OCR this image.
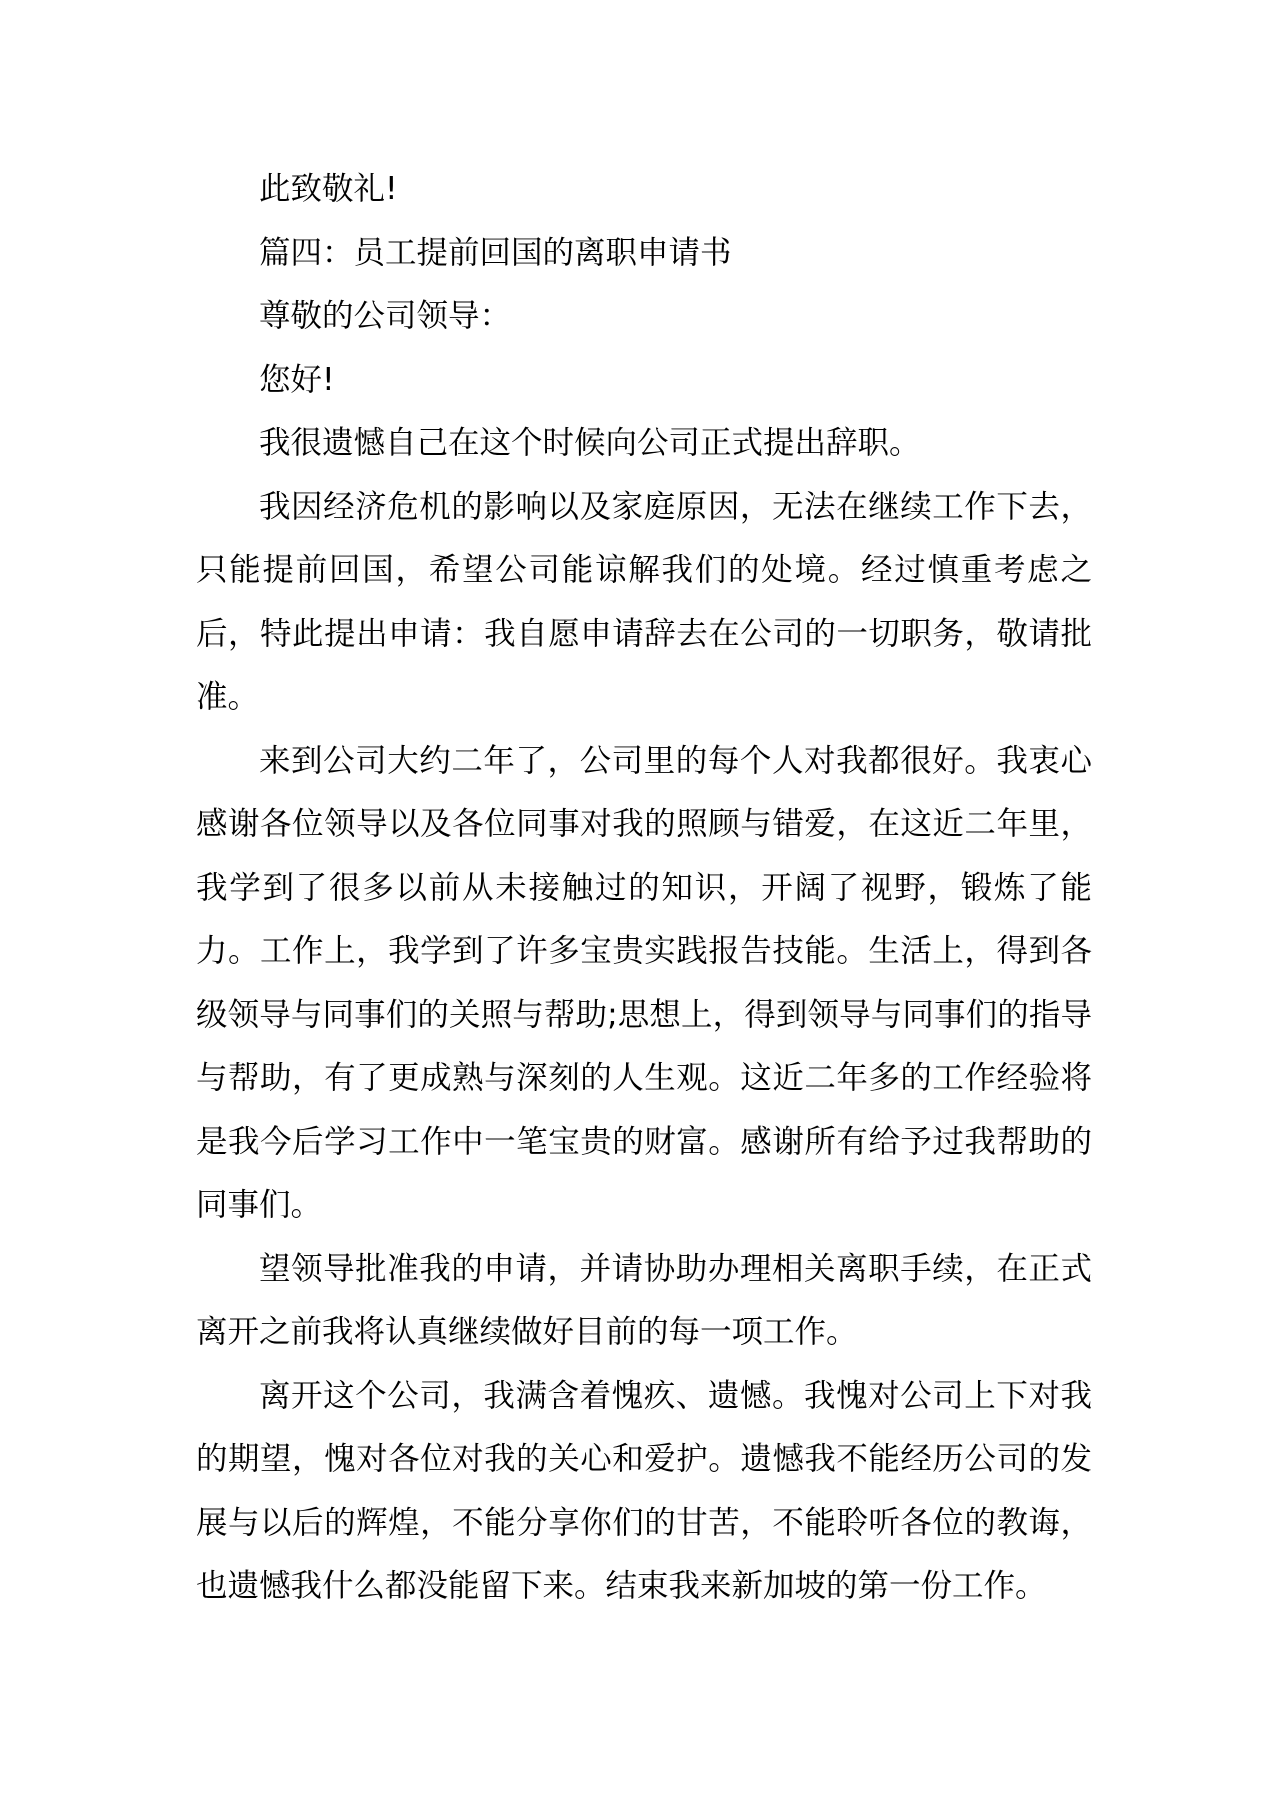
此致敬礼!

篇四：员工提前回国的离职申请书

尊敬的公司领导：

您好!

我很遗憾自己在这个时候向公司正式提出辞职。

我因经济危机的影响以及家庭原因，无法在继续工作下去，只能提前回国，希望公司能谅解我们的处境。经过慎重考虑之后，特此提出申请：我自愿申请辞去在公司的一切职务，敬请批准。

来到公司大约二年了，公司里的每个人对我都很好。我衷心感谢各位领导以及各位同事对我的照顾与错爱，在这近二年里，我学到了很多以前从未接触过的知识，开阔了视野，锻炼了能力。工作上，我学到了许多宝贵实践报告技能。生活上，得到各级领导与同事们的关照与帮助;思想上，得到领导与同事们的指导与帮助，有了更成熟与深刻的人生观。这近二年多的工作经验将是我今后学习工作中一笔宝贵的财富。感谢所有给予过我帮助的同事们。

望领导批准我的申请，并请协助办理相关离职手续，在正式离开之前我将认真继续做好目前的每一项工作。

离开这个公司，我满含着愧疚、遗憾。我愧对公司上下对我的期望，愧对各位对我的关心和爱护。遗憾我不能经历公司的发展与以后的辉煌，不能分享你们的甘苦，不能聆听各位的教诲，也遗憾我什么都没能留下来。结束我来新加坡的第一份工作。
